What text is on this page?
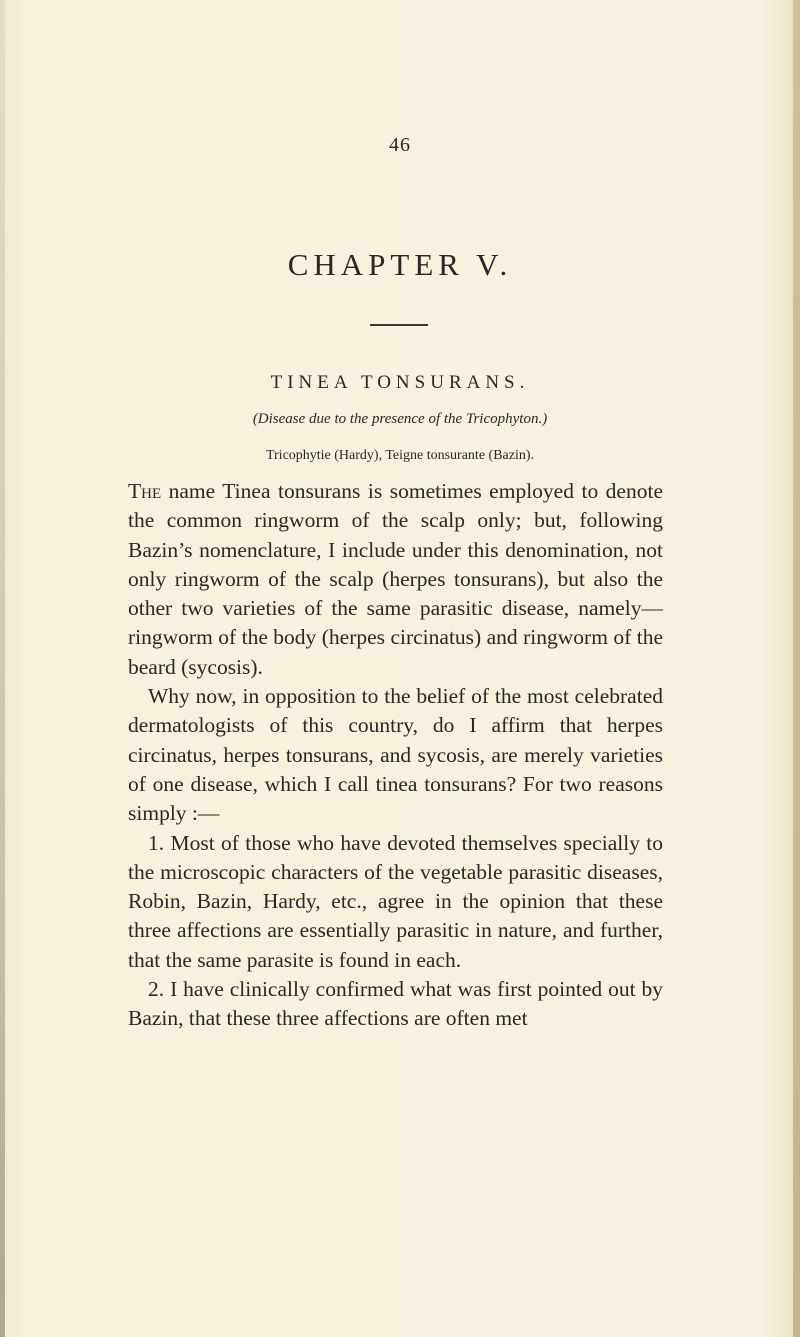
46
CHAPTER V.
TINEA TONSURANS.
(Disease due to the presence of the Tricophyton.)
Tricophytie (Hardy), Teigne tonsurante (Bazin).

The name Tinea tonsurans is sometimes employed to denote the common ringworm of the scalp only; but, following Bazin’s nomenclature, I include under this denomination, not only ringworm of the scalp (herpes tonsurans), but also the other two varieties of the same parasitic disease, namely—ringworm of the body (herpes circinatus) and ringworm of the beard (sycosis).

Why now, in opposition to the belief of the most celebrated dermatologists of this country, do I affirm that herpes circinatus, herpes tonsurans, and sycosis, are merely varieties of one disease, which I call tinea tonsurans? For two reasons simply :—

1. Most of those who have devoted themselves specially to the microscopic characters of the vegetable parasitic diseases, Robin, Bazin, Hardy, etc., agree in the opinion that these three affections are essentially parasitic in nature, and further, that the same parasite is found in each.

2. I have clinically confirmed what was first pointed out by Bazin, that these three affections are often met
